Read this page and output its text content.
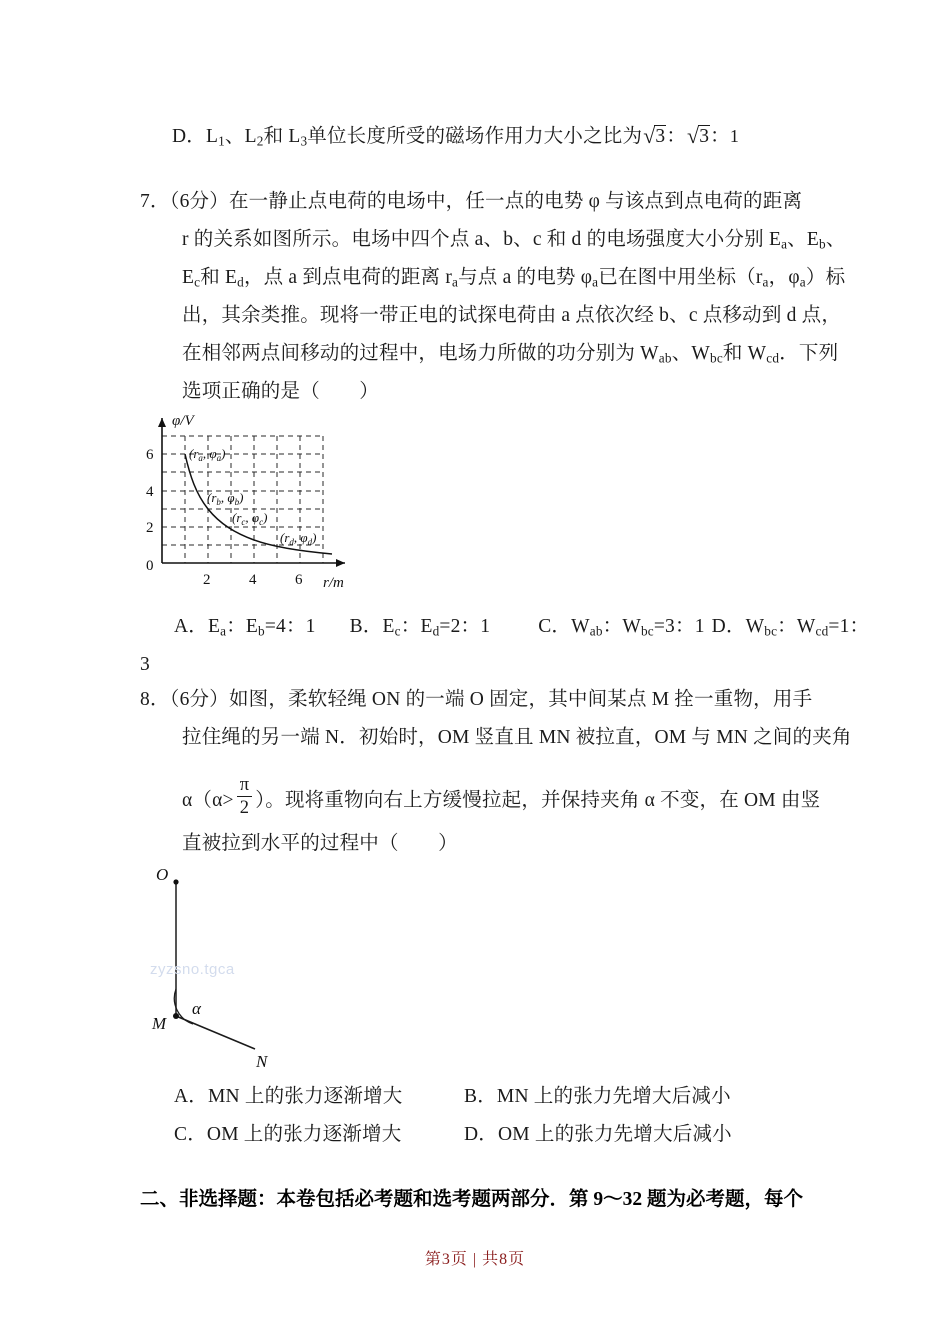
D．$L_1$、$L_2$和 $L_3$单位长度所受的磁场作用力大小之比为√3：√3：1
7．（6分）在一静止点电荷的电场中，任一点的电势 φ 与该点到点电荷的距离
r 的关系如图所示。电场中四个点 a、b、c 和 d 的电场强度大小分别 $E_a$、$E_b$、
$E_c$和 $E_d$，点 a 到点电荷的距离 $r_a$与点 a 的电势 $\varphi_a$已在图中用坐标（$r_a$，$\varphi_a$）标
出，其余类推。现将一带正电的试探电荷由 a 点依次经 b、c 点移动到 d 点，
在相邻两点间移动的过程中，电场力所做的功分别为 $W_{ab}$、$W_{bc}$和 $W_{cd}$．下列
选项正确的是（　　）
φ/V
r/m
0
2
4
6
2	4	6
($r_a$, $\varphi_a$)
($r_b$, $\varphi_b$)
($r_c$, $\varphi_c$)
($r_d$, $\varphi_d$)
A．$E_a$：$E_b=4$：1 B．$E_c$：$E_d=2$：1 C．$W_{ab}$：$W_{bc}=3$：1 D．$W_{bc}$：$W_{cd}=1$：
3
8．（6分）如图，柔软轻绳 ON 的一端 O 固定，其中间某点 M 拴一重物，用手
拉住绳的另一端 N．初始时，OM 竖直且 MN 被拉直，OM 与 MN 之间的夹角
$\alpha(\alpha> \frac{\pi}{2}$ ）。现将重物向右上方缓慢拉起，并保持夹角 α 不变，在 OM 由竖
直被拉到水平的过程中（　　）
zyzsno.tgca
O
M
N
α
A．MN 上的张力逐渐增大	B．MN 上的张力先增大后减小
C．OM 上的张力逐渐增大	D．OM 上的张力先增大后减小
二、非选择题：本卷包括必考题和选考题两部分．第 9～32 题为必考题，每个
第3页 | 共8页
